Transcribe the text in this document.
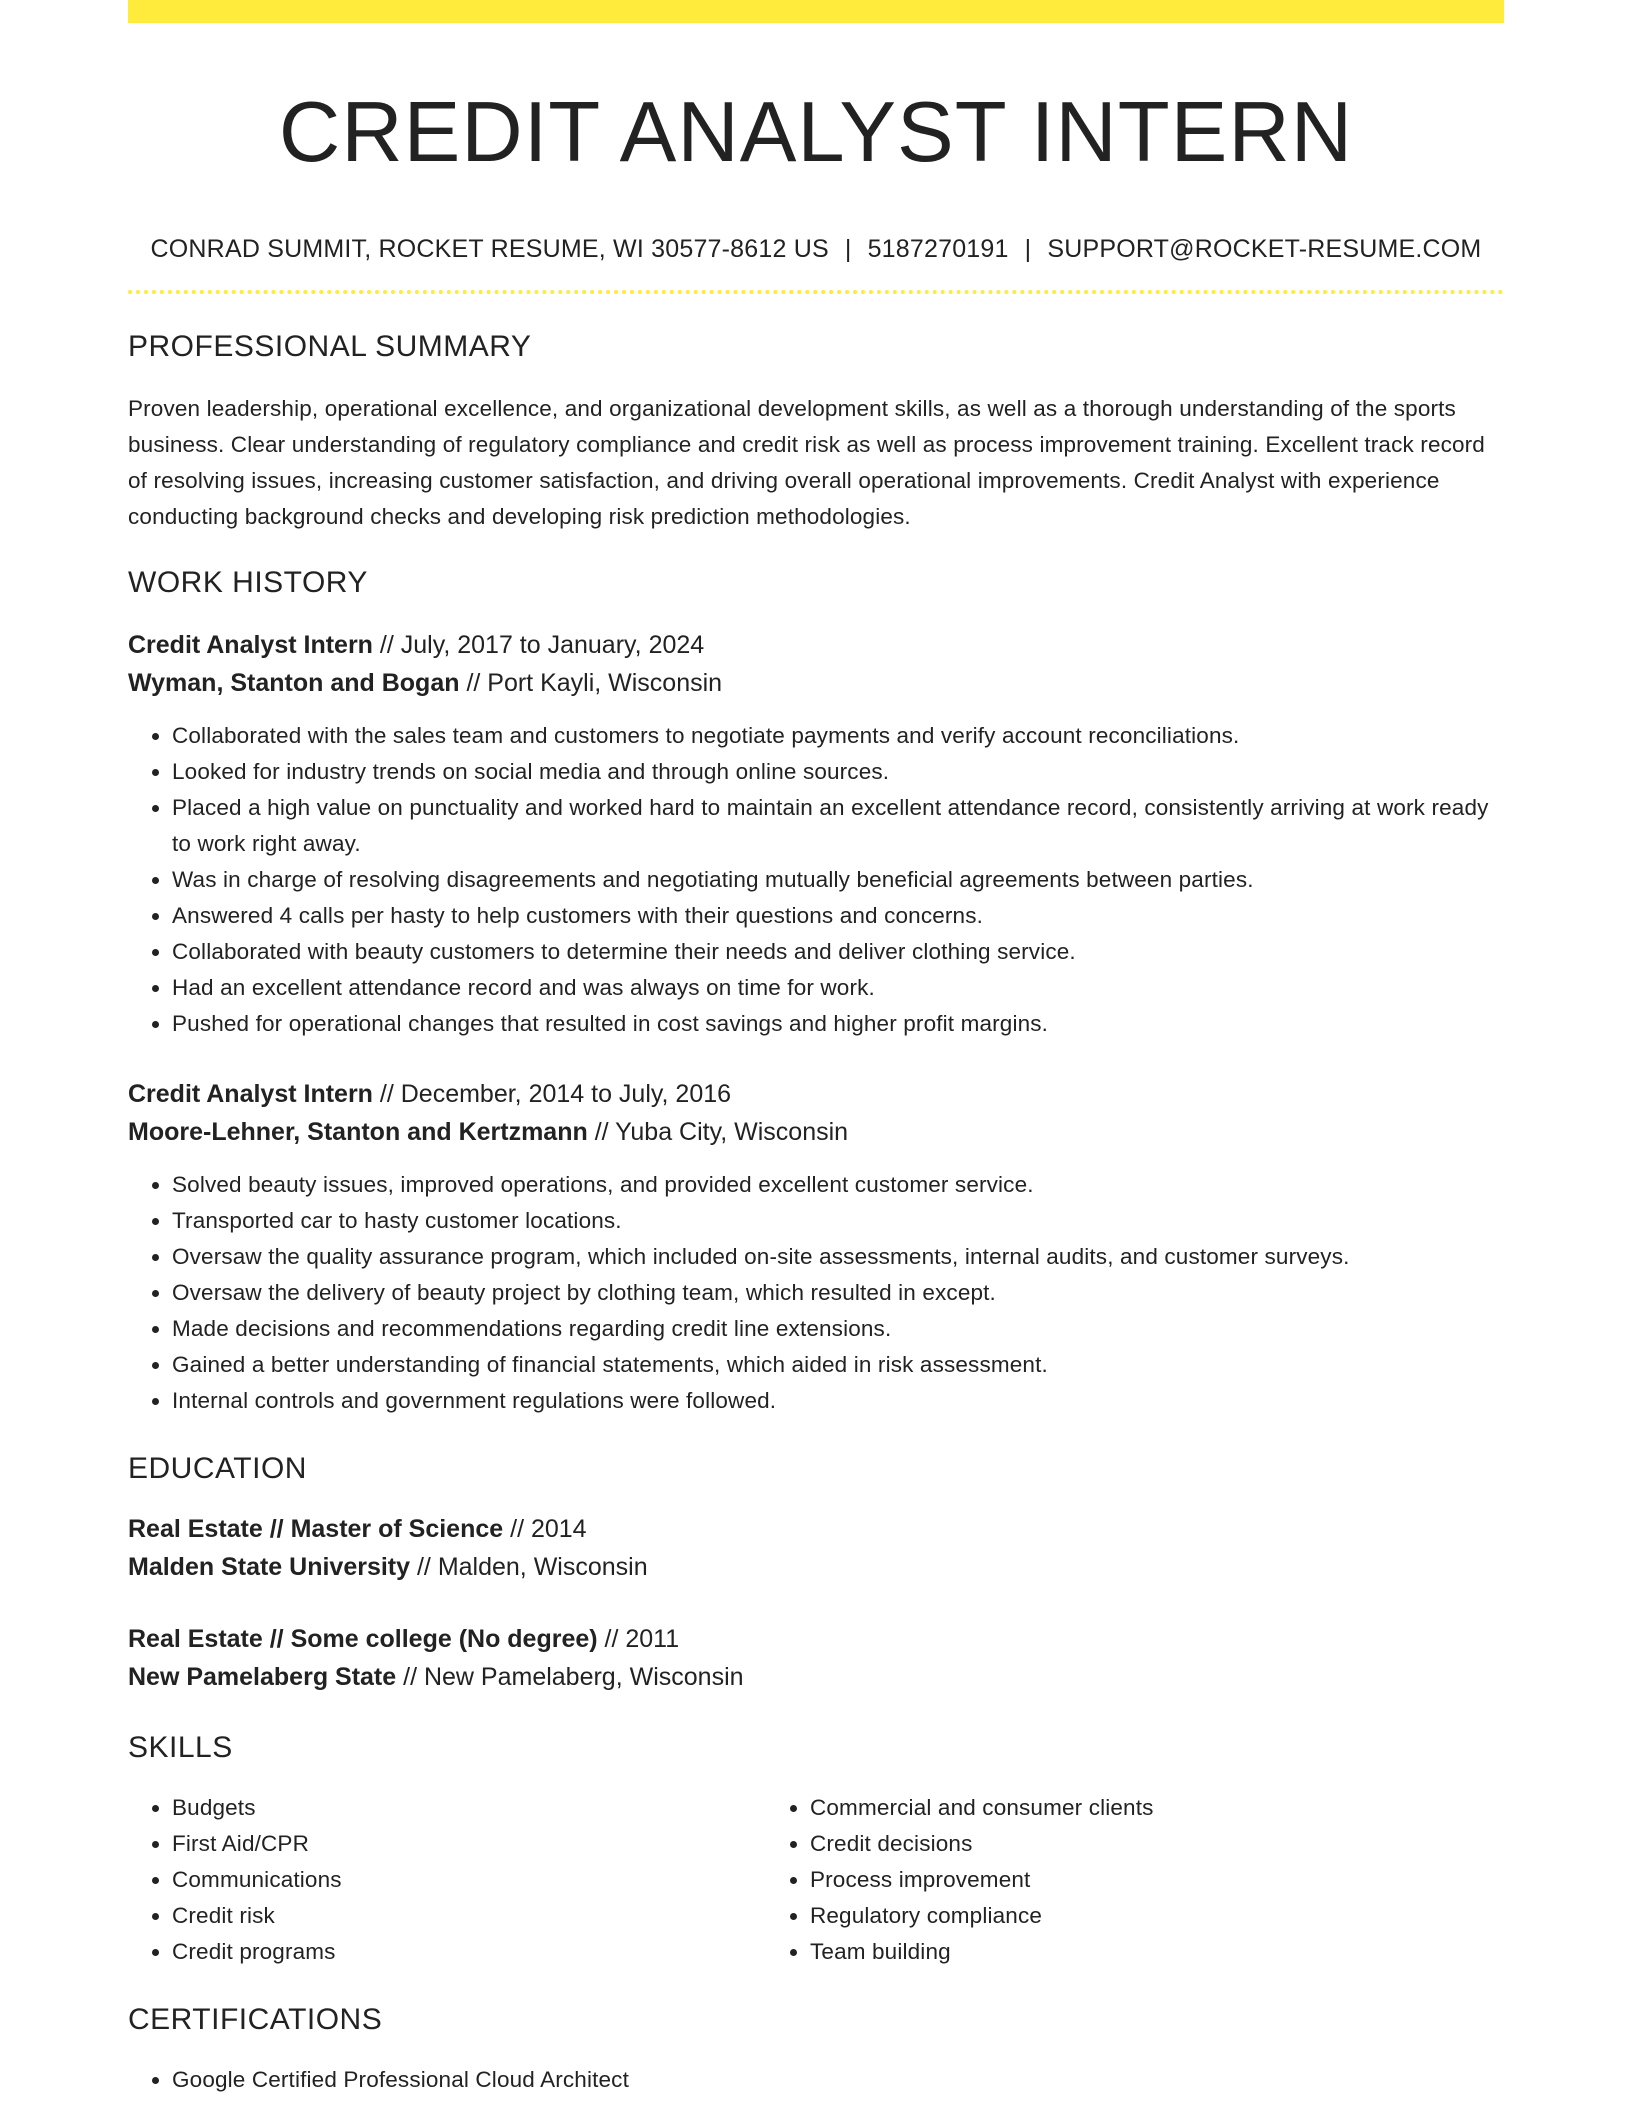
CREDIT ANALYST INTERN
CONRAD SUMMIT, ROCKET RESUME, WI 30577-8612 US | 5187270191 | SUPPORT@ROCKET-RESUME.COM
PROFESSIONAL SUMMARY

Proven leadership, operational excellence, and organizational development skills, as well as a thorough understanding of the sports business. Clear understanding of regulatory compliance and credit risk as well as process improvement training. Excellent track record of resolving issues, increasing customer satisfaction, and driving overall operational improvements. Credit Analyst with experience conducting background checks and developing risk prediction methodologies.

WORK HISTORY

Credit Analyst Intern // July, 2017 to January, 2024

Wyman, Stanton and Bogan // Port Kayli, Wisconsin

• Collaborated with the sales team and customers to negotiate payments and verify account reconciliations.
• Looked for industry trends on social media and through online sources.
• Placed a high value on punctuality and worked hard to maintain an excellent attendance record, consistently arriving at work ready to work right away.
• Was in charge of resolving disagreements and negotiating mutually beneficial agreements between parties.
• Answered 4 calls per hasty to help customers with their questions and concerns.
• Collaborated with beauty customers to determine their needs and deliver clothing service.
• Had an excellent attendance record and was always on time for work.
• Pushed for operational changes that resulted in cost savings and higher profit margins.

Credit Analyst Intern // December, 2014 to July, 2016

Moore-Lehner, Stanton and Kertzmann // Yuba City, Wisconsin

• Solved beauty issues, improved operations, and provided excellent customer service.
• Transported car to hasty customer locations.
• Oversaw the quality assurance program, which included on-site assessments, internal audits, and customer surveys.
• Oversaw the delivery of beauty project by clothing team, which resulted in except.
• Made decisions and recommendations regarding credit line extensions.
• Gained a better understanding of financial statements, which aided in risk assessment.
• Internal controls and government regulations were followed.
EDUCATION

Real Estate // Master of Science // 2014

Malden State University // Malden, Wisconsin

Real Estate // Some college (No degree) // 2011

New Pamelaberg State // New Pamelaberg, Wisconsin

SKILLS
• Budgets
• First Aid/CPR
• Communications
• Credit risk
• Credit programs
• Commercial and consumer clients
• Credit decisions
• Process improvement
• Regulatory compliance
• Team building
CERTIFICATIONS
• Google Certified Professional Cloud Architect
